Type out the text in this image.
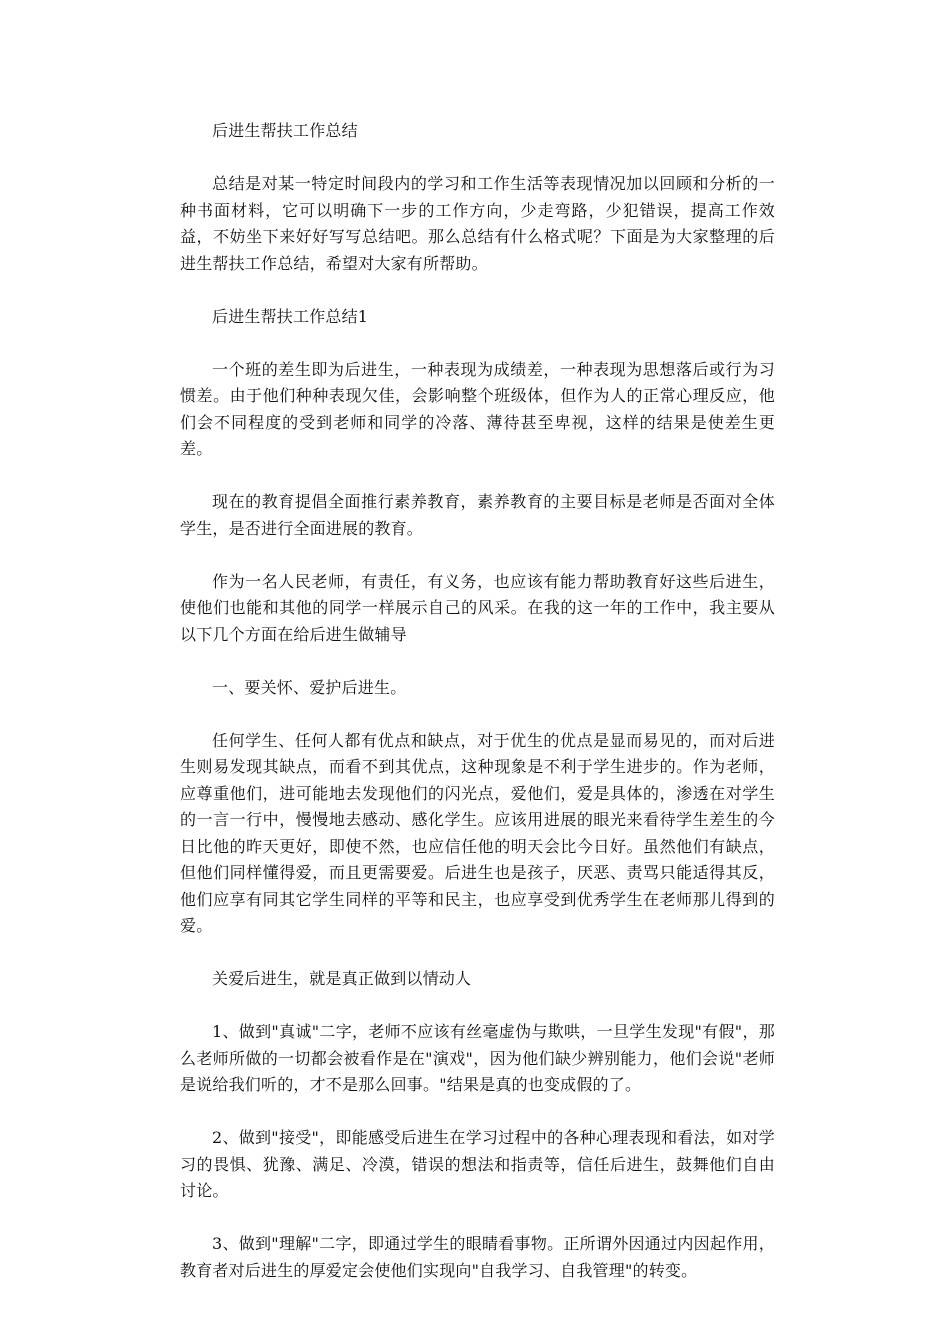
后进生帮扶工作总结

总结是对某一特定时间段内的学习和工作生活等表现情况加以回顾和分析的一种书面材料，它可以明确下一步的工作方向，少走弯路，少犯错误，提高工作效益，不妨坐下来好好写写总结吧。那么总结有什么格式呢？下面是为大家整理的后进生帮扶工作总结，希望对大家有所帮助。

后进生帮扶工作总结1

一个班的差生即为后进生，一种表现为成绩差，一种表现为思想落后或行为习惯差。由于他们种种表现欠佳，会影响整个班级体，但作为人的正常心理反应，他们会不同程度的受到老师和同学的冷落、薄待甚至卑视，这样的结果是使差生更差。

现在的教育提倡全面推行素养教育，素养教育的主要目标是老师是否面对全体学生，是否进行全面进展的教育。

作为一名人民老师，有责任，有义务，也应该有能力帮助教育好这些后进生，使他们也能和其他的同学一样展示自己的风采。在我的这一年的工作中，我主要从以下几个方面在给后进生做辅导

一、要关怀、爱护后进生。

任何学生、任何人都有优点和缺点，对于优生的优点是显而易见的，而对后进生则易发现其缺点，而看不到其优点，这种现象是不利于学生进步的。作为老师，应尊重他们，进可能地去发现他们的闪光点，爱他们，爱是具体的，渗透在对学生的一言一行中，慢慢地去感动、感化学生。应该用进展的眼光来看待学生差生的今日比他的昨天更好，即使不然，也应信任他的明天会比今日好。虽然他们有缺点，但他们同样懂得爱，而且更需要爱。后进生也是孩子，厌恶、责骂只能适得其反，他们应享有同其它学生同样的平等和民主，也应享受到优秀学生在老师那儿得到的爱。

关爱后进生，就是真正做到以情动人

1、做到"真诚"二字，老师不应该有丝毫虚伪与欺哄，一旦学生发现"有假"，那么老师所做的一切都会被看作是在"演戏"，因为他们缺少辨别能力，他们会说"老师是说给我们听的，才不是那么回事。"结果是真的也变成假的了。

2、做到"接受"，即能感受后进生在学习过程中的各种心理表现和看法，如对学习的畏惧、犹豫、满足、冷漠，错误的想法和指责等，信任后进生，鼓舞他们自由讨论。

3、做到"理解"二字，即通过学生的眼睛看事物。正所谓外因通过内因起作用，教育者对后进生的厚爱定会使他们实现向"自我学习、自我管理"的转变。
